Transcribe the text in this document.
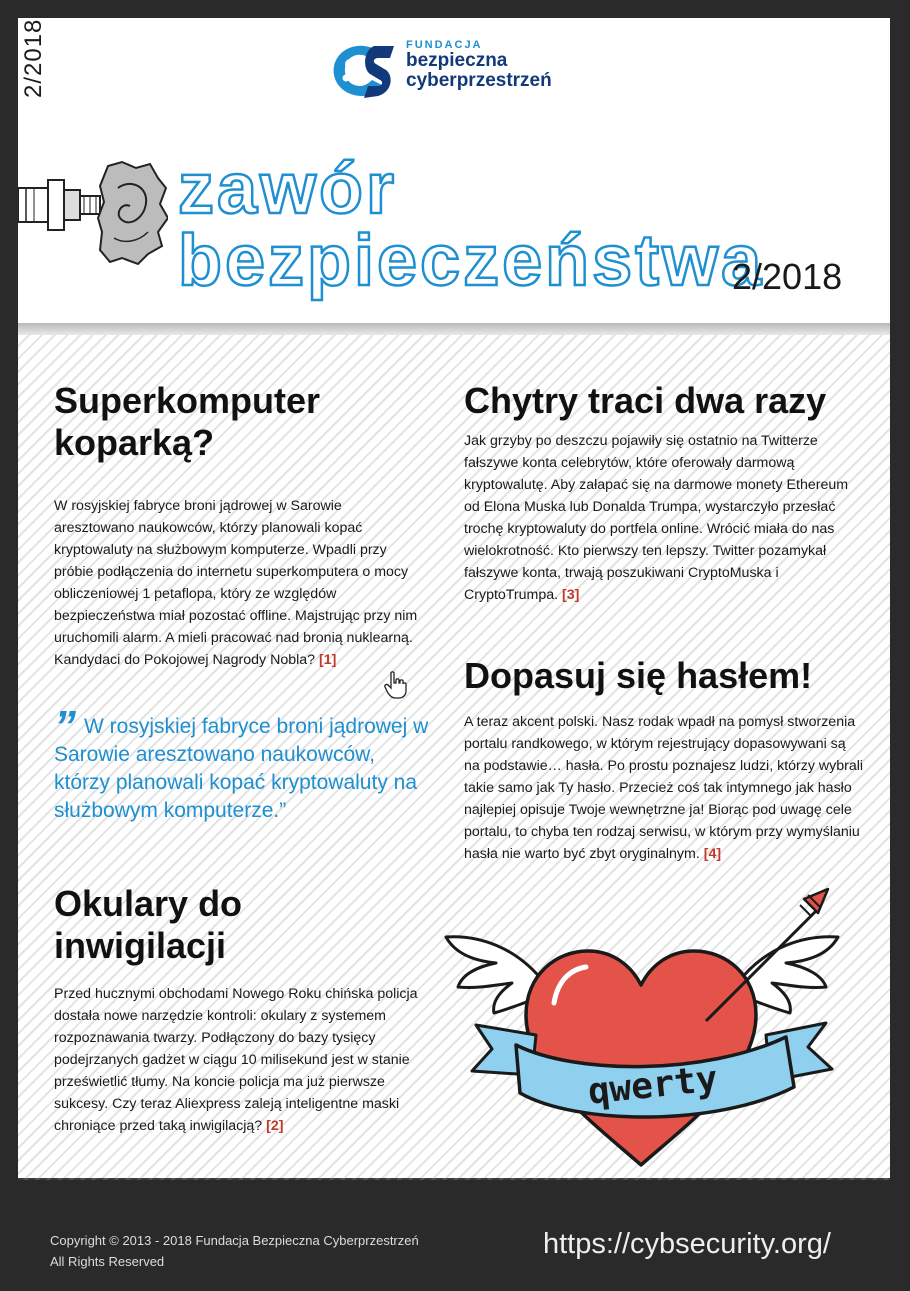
2/2018	FUNDACJA
bezpieczna
cyberprzestrzeń
zawór
bezpieczeństwa
2/2018
Superkomputer koparką?
W rosyjskiej fabryce broni jądrowej w Sarowie aresztowano naukowców, którzy planowali kopać kryptowaluty na służbowym komputerze. Wpadli przy próbie podłączenia do internetu superkomputera o mocy obliczeniowej 1 petaflopa, który ze względów bezpieczeństwa miał pozostać offline. Majstrując przy nim uruchomili alarm. A mieli pracować nad bronią nuklearną. Kandydaci do Pokojowej Nagrody Nobla? [1]
” W rosyjskiej fabryce broni jądrowej w Sarowie aresztowano naukowców, którzy planowali kopać kryptowaluty na służbowym komputerze.”
Okulary do inwigilacji
Przed hucznymi obchodami Nowego Roku chińska policja dostała nowe narzędzie kontroli: okulary z systemem rozpoznawania twarzy. Podłączony do bazy tysięcy podejrzanych gadżet w ciągu 10 milisekund jest w stanie prześwietlić tłumy. Na koncie policja ma już pierwsze sukcesy. Czy teraz Aliexpress zaleją inteligentne maski chroniące przed taką inwigilacją? [2]
Chytry traci dwa razy
Jak grzyby po deszczu pojawiły się ostatnio na Twitterze fałszywe konta celebrytów, które oferowały darmową kryptowalutę. Aby załapać się na darmowe monety Ethereum od Elona Muska lub Donalda Trumpa, wystarczyło przesłać trochę kryptowaluty do portfela online. Wrócić miała do nas wielokrotność. Kto pierwszy ten lepszy. Twitter pozamykał fałszywe konta, trwają poszukiwani CryptoMuska i CryptoTrumpa. [3]
Dopasuj się hasłem!
A teraz akcent polski. Nasz rodak wpadł na pomysł stworzenia portalu randkowego, w którym rejestrujący dopasowywani są na podstawie… hasła. Po prostu poznajesz ludzi, którzy wybrali takie samo jak Ty hasło. Przecież coś tak intymnego jak hasło najlepiej opisuje Twoje wewnętrzne ja! Biorąc pod uwagę cele portalu, to chyba ten rodzaj serwisu, w którym przy wymyślaniu hasła nie warto być zbyt oryginalnym. [4]
qwerty
Copyright © 2013 - 2018 Fundacja Bezpieczna Cyberprzestrzeń
All Rights Reserved
https://cybsecurity.org/
